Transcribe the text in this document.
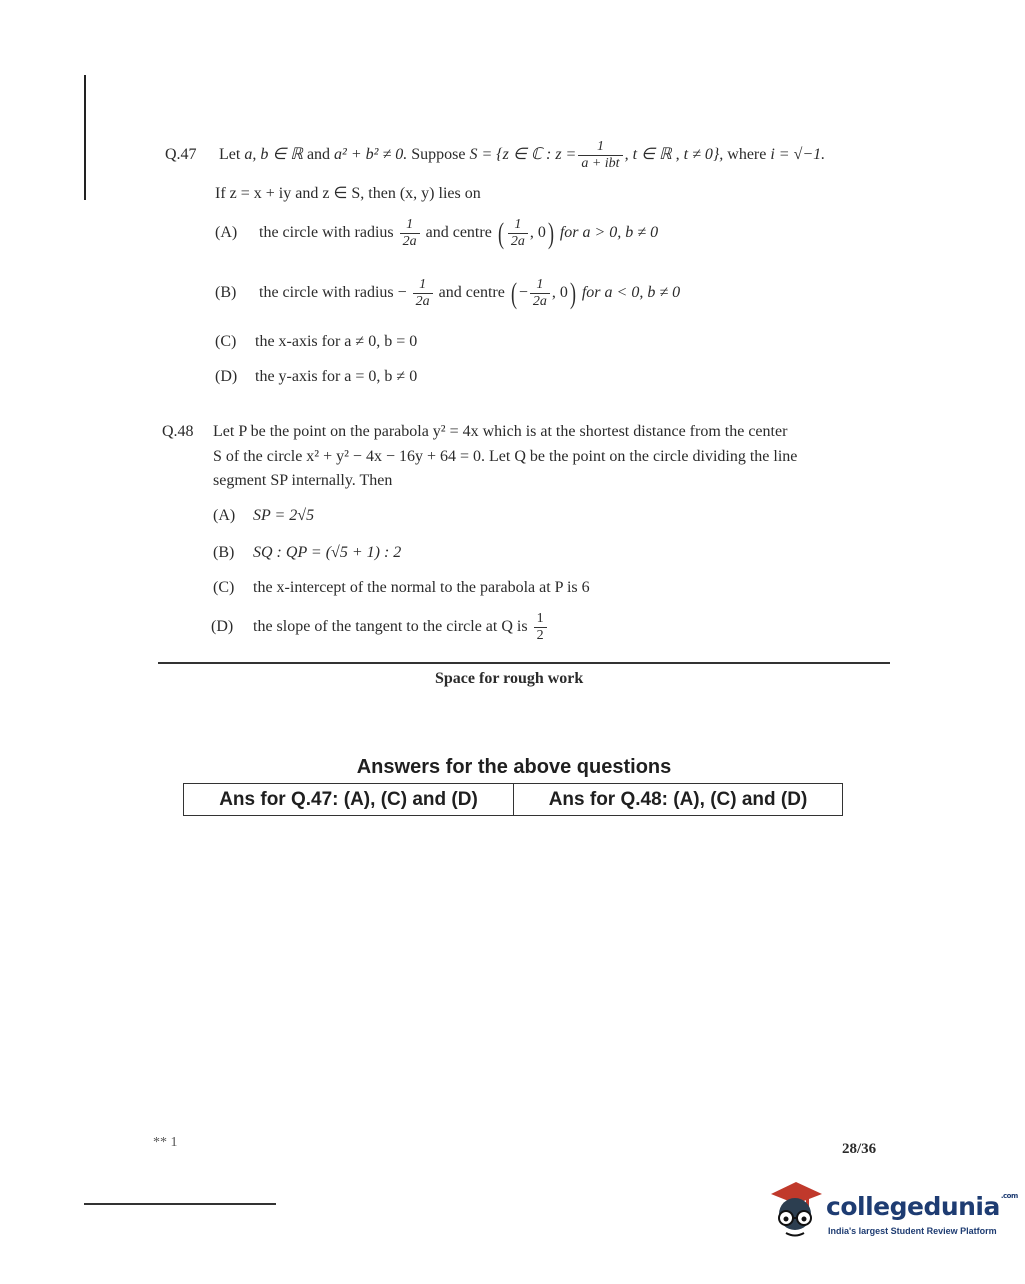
Q.47 Let a, b ∈ ℝ and a² + b² ≠ 0. Suppose S = {z ∈ ℂ : $z = \frac{1}{\text{a + ibt}}$ , t ∈ ℝ , t ≠ 0}, where i = √−1.
If z = x + iy and z ∈ S, then (x, y) lies on
(A) the circle with radius $\frac{1}{2a}$ and centre ( $\frac{1}{2a}$ , 0) for a > 0, b ≠ 0
(B) the circle with radius − $\frac{1}{2a}$ and centre ( − $\frac{1}{2a}$ , 0) for a < 0, b ≠ 0
(C) the x-axis for a ≠ 0, b = 0
(D) the y-axis for a = 0, b ≠ 0
Q.48 Let P be the point on the parabola y² = 4x which is at the shortest distance from the center
S of the circle x² + y² − 4x − 16y + 64 = 0. Let Q be the point on the circle dividing the line
segment SP internally. Then
(A) SP = 2√5
(B) SQ : QP = (√5 + 1) : 2
(C) the x-intercept of the normal to the parabola at P is 6
(D) the slope of the tangent to the circle at Q is $\frac{1}{2}$
Space for rough work
Answers for the above questions
Ans for Q.47: (A), (C) and (D)	Ans for Q.48: (A), (C) and (D)
** 1	28/36
collegedunia$^{.com}$
India's largest Student Review Platform
